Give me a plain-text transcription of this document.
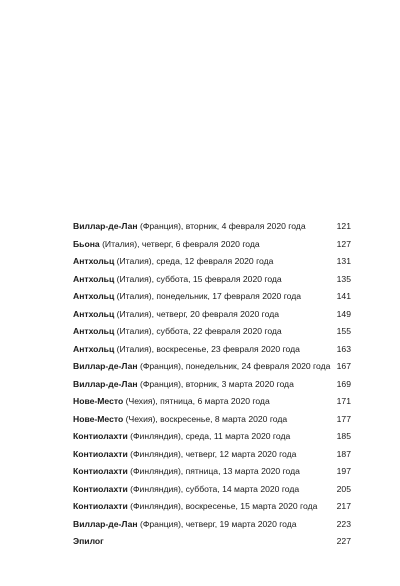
Виллар-де-Лан (Франция), вторник, 4 февраля 2020 года	121
Бьона (Италия), четверг, 6 февраля 2020 года	127
Антхольц (Италия), среда, 12 февраля 2020 года	131
Антхольц (Италия), суббота, 15 февраля 2020 года	135
Антхольц (Италия), понедельник, 17 февраля 2020 года	141
Антхольц (Италия), четверг, 20 февраля 2020 года	149
Антхольц (Италия), суббота, 22 февраля 2020 года	155
Антхольц (Италия), воскресенье, 23 февраля 2020 года	163
Виллар-де-Лан (Франция), понедельник, 24 февраля 2020 года 167
Виллар-де-Лан (Франция), вторник, 3 марта 2020 года	169
Нове-Место (Чехия), пятница, 6 марта 2020 года	171
Нове-Место (Чехия), воскресенье, 8 марта 2020 года	177
Контиолахти (Финляндия), среда, 11 марта 2020 года	185
Контиолахти (Финляндия), четверг, 12 марта 2020 года	187
Контиолахти (Финляндия), пятница, 13 марта 2020 года	197
Контиолахти (Финляндия), суббота, 14 марта 2020 года	205
Контиолахти (Финляндия), воскресенье, 15 марта 2020 года	217
Виллар-де-Лан (Франция), четверг, 19 марта 2020 года	223
Эпилог	227
